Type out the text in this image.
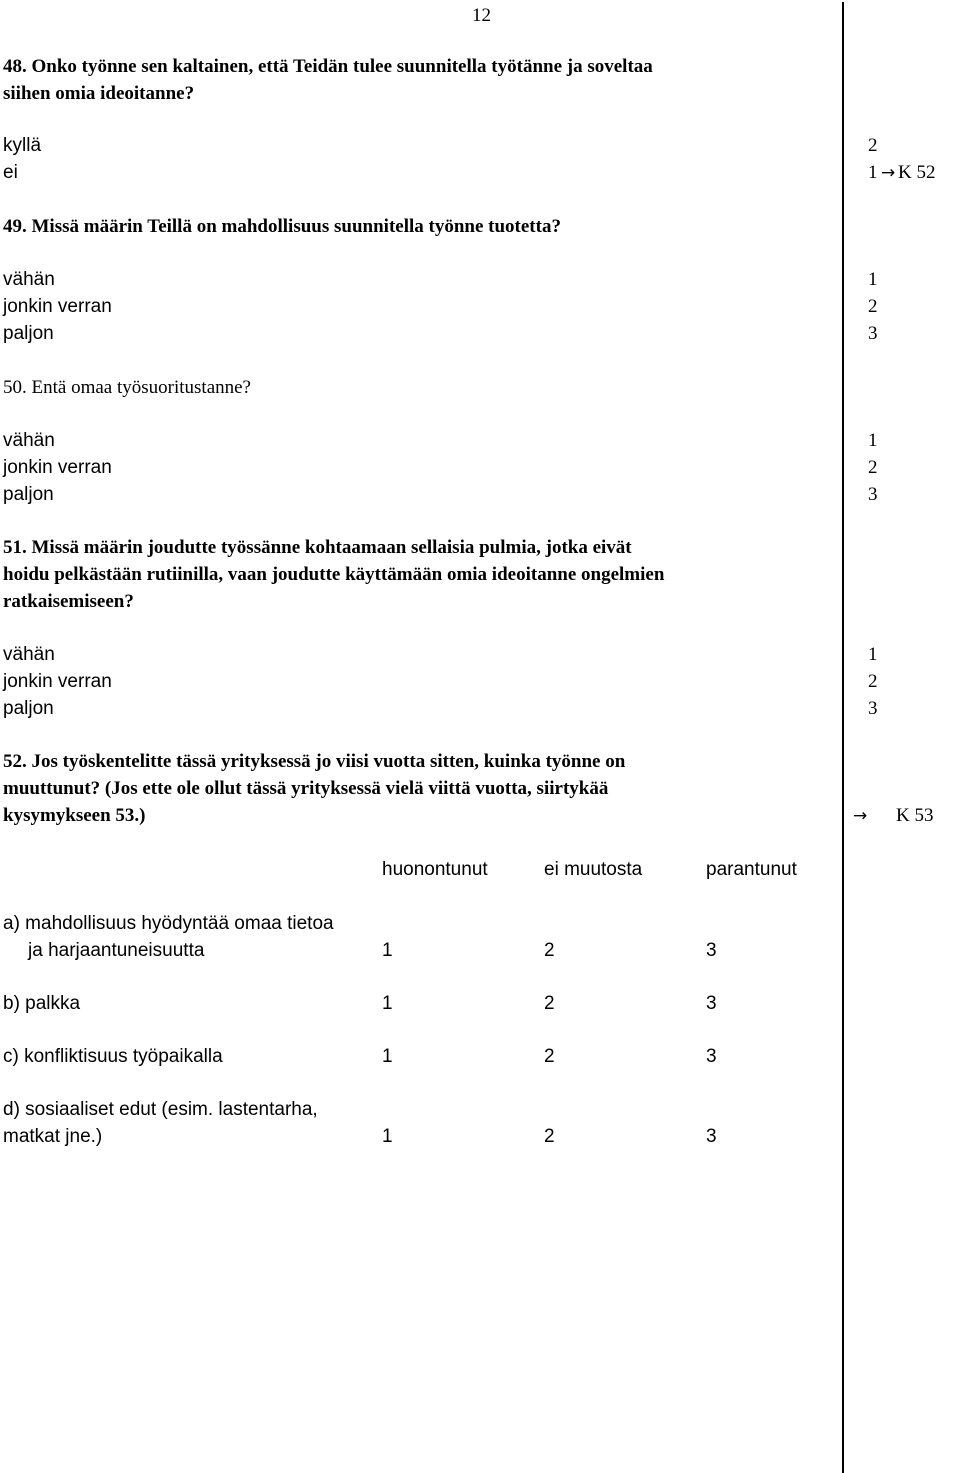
12
48. Onko työnne sen kaltainen, että Teidän tulee suunnitella työtänne ja soveltaa
siihen omia ideoitanne?
kyllä	2
ei	1 → K 52
49. Missä määrin Teillä on mahdollisuus suunnitella työnne tuotetta?
vähän	1
jonkin verran	2
paljon	3
50. Entä omaa työsuoritustanne?
vähän	1
jonkin verran	2
paljon	3
51. Missä määrin joudutte työssänne kohtaamaan sellaisia pulmia, jotka eivät
hoidu pelkästään rutiinilla, vaan joudutte käyttämään omia ideoitanne ongelmien
ratkaisemiseen?
vähän	1
jonkin verran	2
paljon	3
52. Jos työskentelitte tässä yrityksessä jo viisi vuotta sitten, kuinka työnne on
muuttunut? (Jos ette ole ollut tässä yrityksessä vielä viittä vuotta, siirtykää
kysymykseen 53.)	→ K 53
huonontunut	ei muutosta	parantunut
a) mahdollisuus hyödyntää omaa tietoa
ja harjaantuneisuutta	1	2	3
b) palkka	1	2	3
c) konfliktisuus työpaikalla	1	2	3
d) sosiaaliset edut (esim. lastentarha,
matkat jne.)	1	2	3
